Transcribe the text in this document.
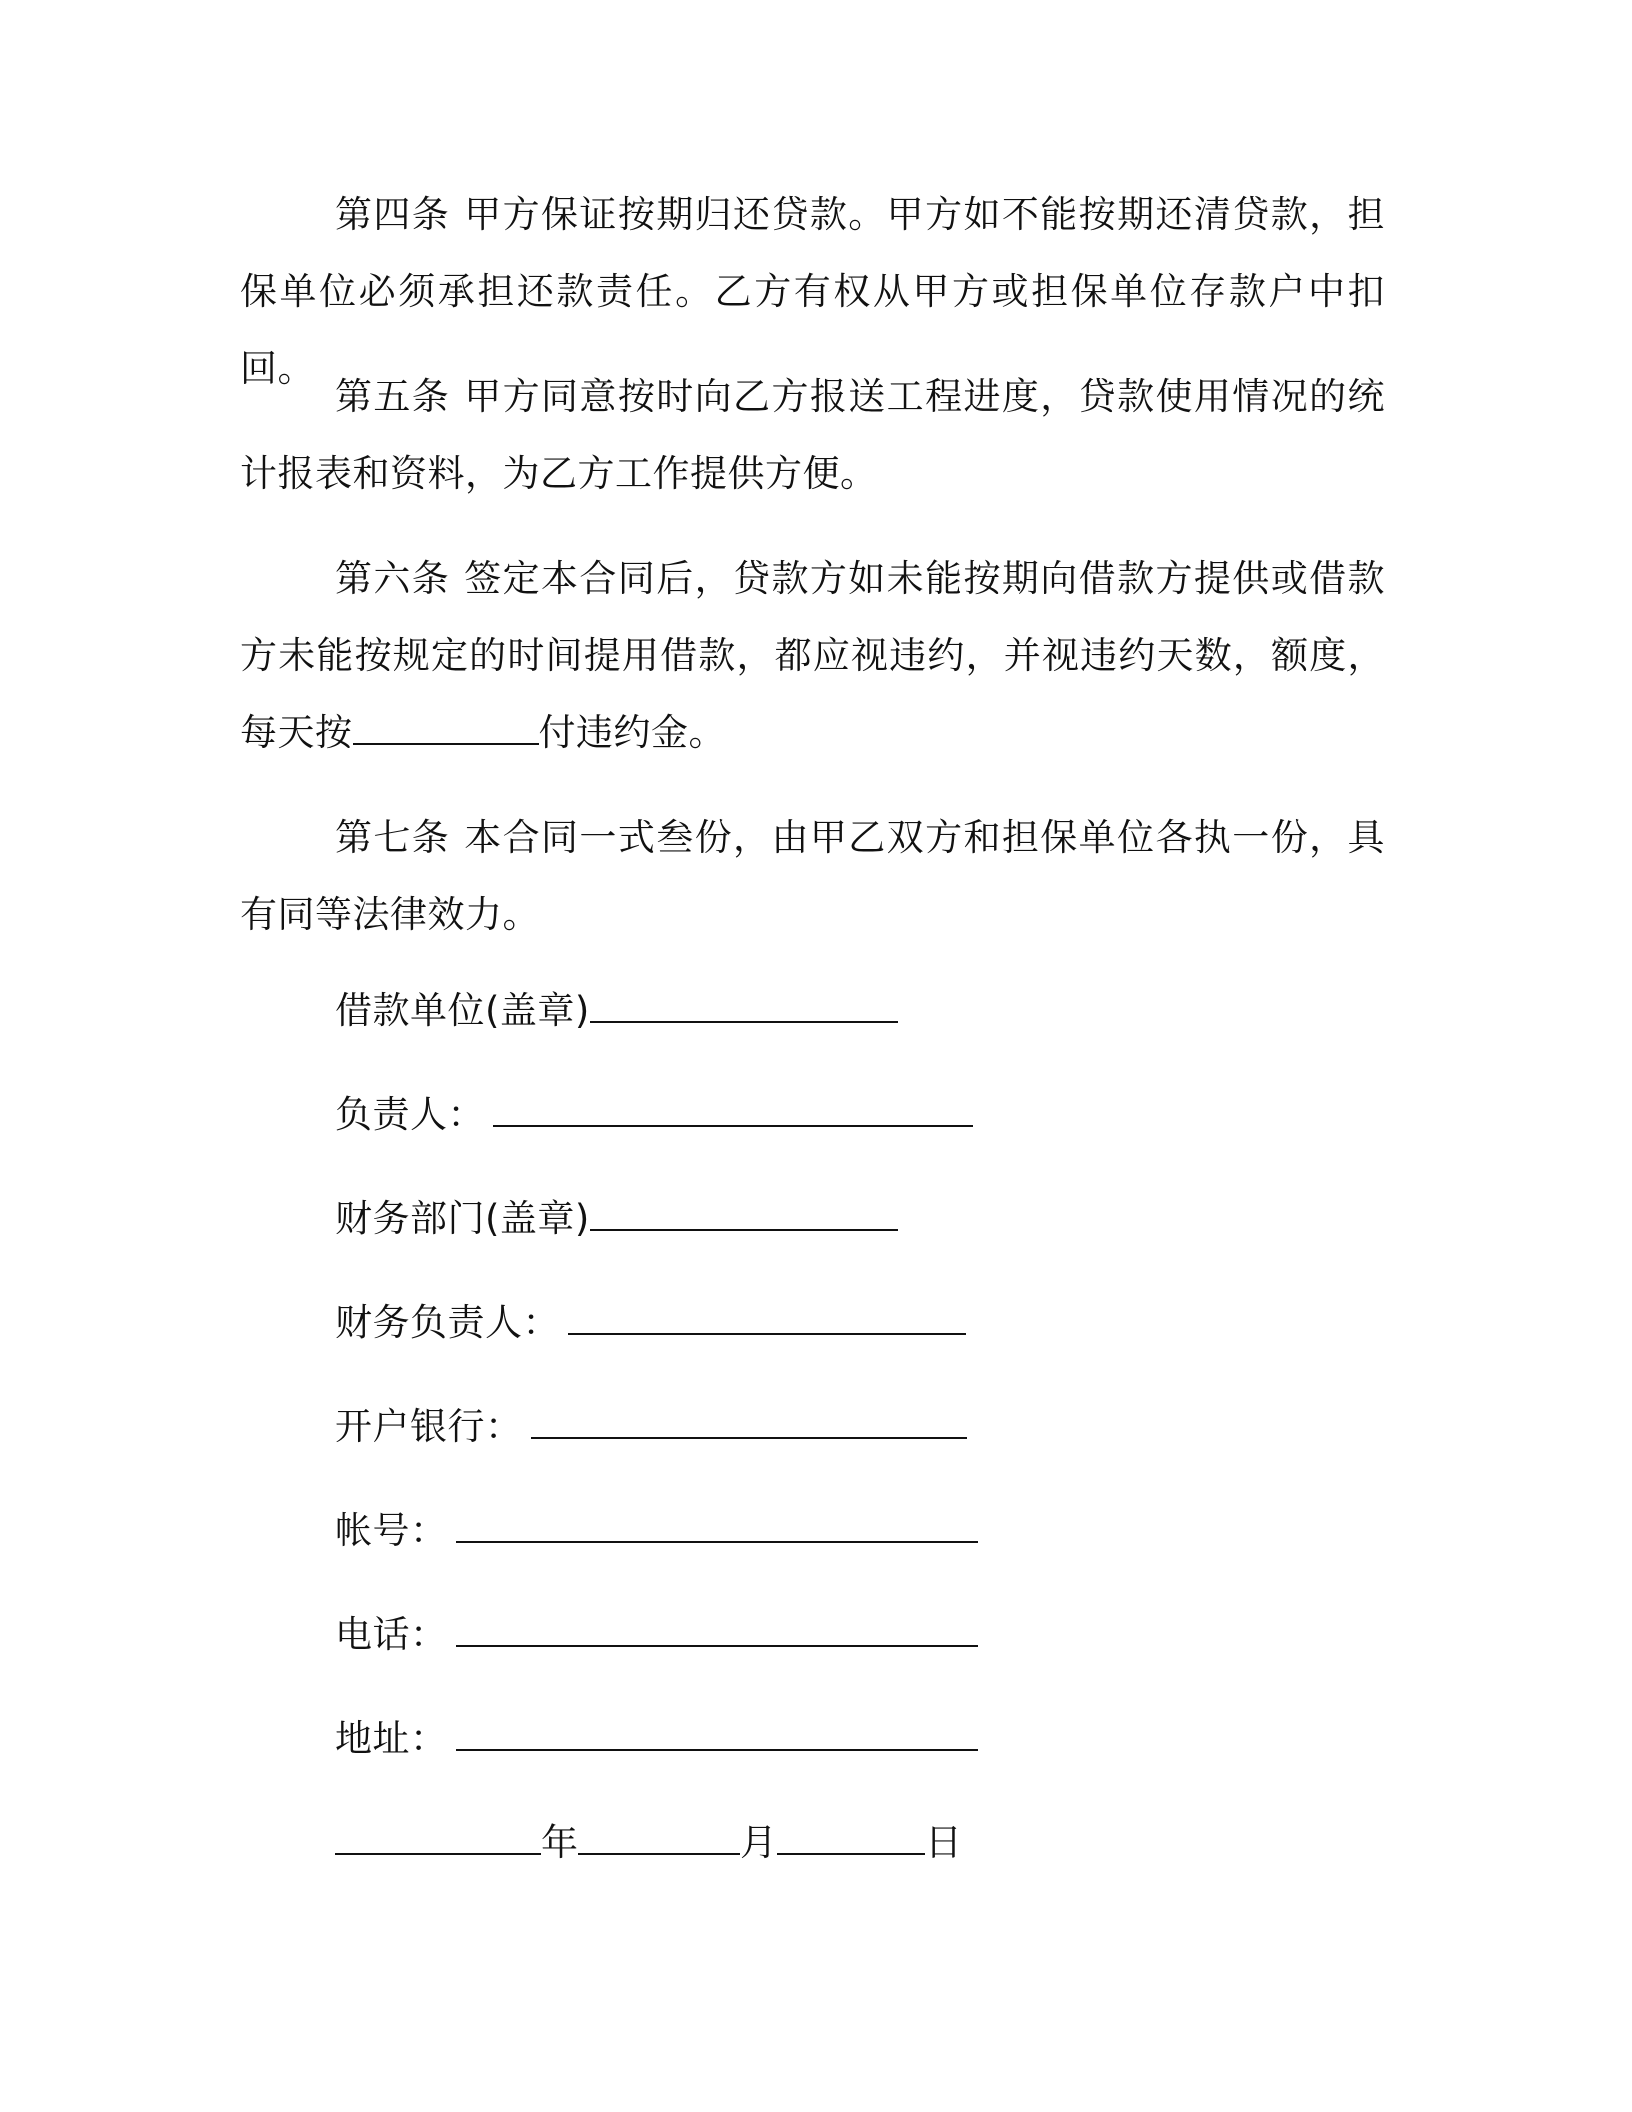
第四条 甲方保证按期归还贷款。甲方如不能按期还清贷款，担保单位必须承担还款责任。乙方有权从甲方或担保单位存款户中扣回。

第五条 甲方同意按时向乙方报送工程进度，贷款使用情况的统计报表和资料，为乙方工作提供方便。

第六条 签定本合同后，贷款方如未能按期向借款方提供或借款方未能按规定的时间提用借款，都应视违约，并视违约天数，额度，每天按	付违约金。

第七条 本合同一式叁份，由甲乙双方和担保单位各执一份，具有同等法律效力。

借款单位(盖章)
负责人：
财务部门(盖章)
财务负责人：
开户银行：
帐号：
电话：
地址：
年	月	日
